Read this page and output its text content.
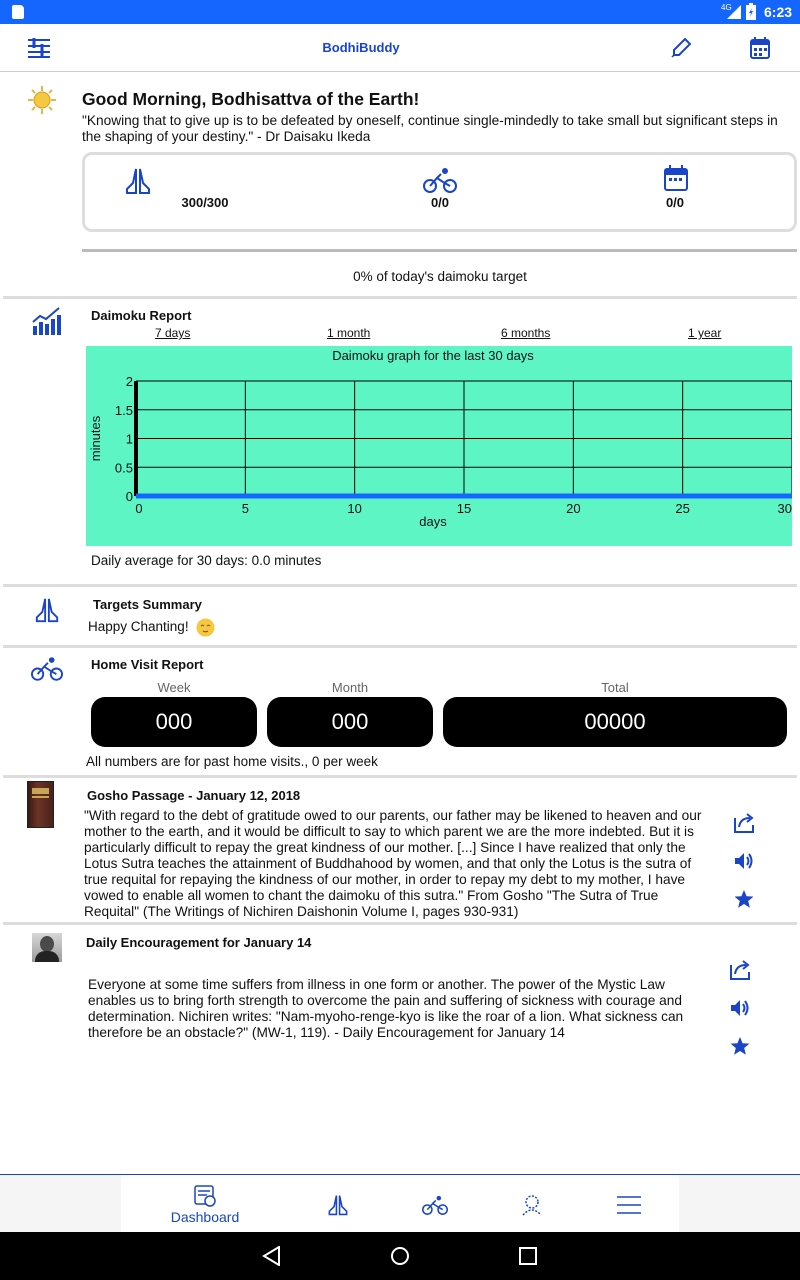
4G 6:23
BodhiBuddy
Good Morning, Bodhisattva of the Earth!
"Knowing that to give up is to be defeated by oneself, continue single-mindedly to take small but significant steps in the shaping of your destiny." - Dr Daisaku Ikeda
300/300	0/0	0/0
0% of today's daimoku target
Daimoku Report
7 days	1 month	6 months	1 year
0	5	10	15	20	25	30
0
0.5
1
1.5
2
Daimoku graph for the last 30 days
days
minutes
Daily average for 30 days: 0.0 minutes
Targets Summary
Happy Chanting!
Home Visit Report
Week	Month	Total
000	000	00000
All numbers are for past home visits., 0 per week
Gosho Passage - January 12, 2018
"With regard to the debt of gratitude owed to our parents, our father may be likened to heaven and our mother to the earth, and it would be difficult to say to which parent we are the more indebted. But it is particularly difficult to repay the great kindness of our mother. [...] Since I have realized that only the Lotus Sutra teaches the attainment of Buddhahood by women, and that only the Lotus is the sutra of true requital for repaying the kindness of our mother, in order to repay my debt to my mother, I have vowed to enable all women to chant the daimoku of this sutra." From Gosho "The Sutra of True Requital" (The Writings of Nichiren Daishonin Volume I, pages 930-931)
Daily Encouragement for January 14
Everyone at some time suffers from illness in one form or another. The power of the Mystic Law enables us to bring forth strength to overcome the pain and suffering of sickness with courage and determination. Nichiren writes: "Nam-myoho-renge-kyo is like the roar of a lion. What sickness can therefore be an obstacle?" (MW-1, 119). - Daily Encouragement for January 14
Dashboard
